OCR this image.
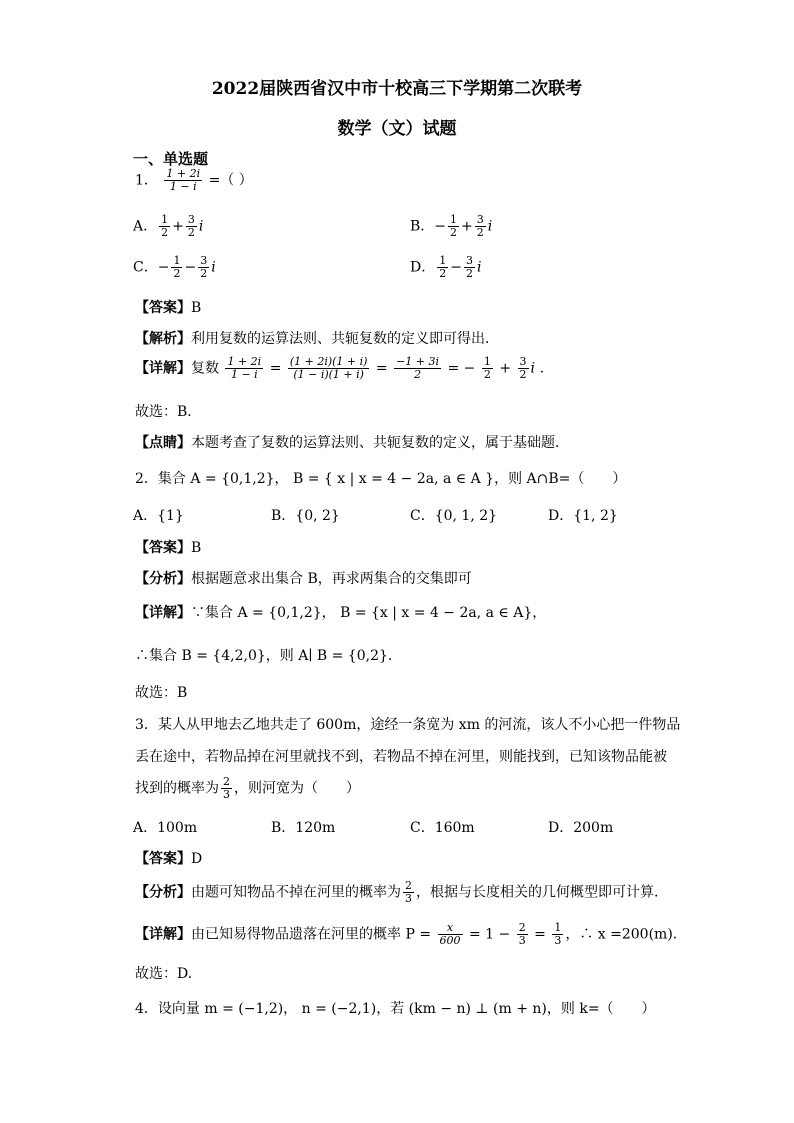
2022届陕西省汉中市十校高三下学期第二次联考
数学（文）试题
一、单选题
1． $\frac{1 + 2i}{1 - i}$ =（ ）
A． $\frac{1}{2} + \frac{3}{2}$ i	B．− $\frac{1}{2} + \frac{3}{2}$ i
C．− $\frac{1}{2} - \frac{3}{2}$ i	D． $\frac{1}{2} - \frac{3}{2}$ i
【答案】B
【解析】利用复数的运算法则、共轭复数的定义即可得出．
【详解】复数 $\frac{1 + 2i}{1 - i} = \frac{(1 + 2i)(1 + i)}{(1 - i)(1 + i)} = \frac{-1 + 3i}{2}$ = − $\frac{1}{2} + \frac{3}{2}$ i ．
故选：B．
【点睛】本题考查了复数的运算法则、共轭复数的定义，属于基础题．
2．集合 A = {0,1,2}， B = { x | x = 4 − 2a, a ∈ A }，则 A∩B=（　　）
A．{1}	B．{0, 2}	C．{0, 1, 2}	D．{1, 2}
【答案】B
【分析】根据题意求出集合 B，再求两集合的交集即可
【详解】∵集合 A = {0,1,2}， B = {x | x = 4 − 2a, a ∈ A}，
∴集合 B = {4,2,0}，则 A∣ B = {0,2}．
故选：B
3．某人从甲地去乙地共走了 600m，途经一条宽为 xm 的河流，该人不小心把一件物品
丢在途中，若物品掉在河里就找不到，若物品不掉在河里，则能找到，已知该物品能被
找到的概率为 $\frac{2}{3}$ ，则河宽为（　　）
A．100m	B．120m	C．160m	D．200m
【答案】D
【分析】由题可知物品不掉在河里的概率为 $\frac{2}{3}$ ，根据与长度相关的几何概型即可计算.
【详解】由已知易得物品遗落在河里的概率 $P = \frac{x}{600} = 1 - \frac{2}{3} = \frac{1}{3}$ ，∴ x =200(m)．
故选：D.
4．设向量 m = (−1,2)， n = (−2,1)，若 (km − n) ⊥ (m + n)，则 k=（　　）
